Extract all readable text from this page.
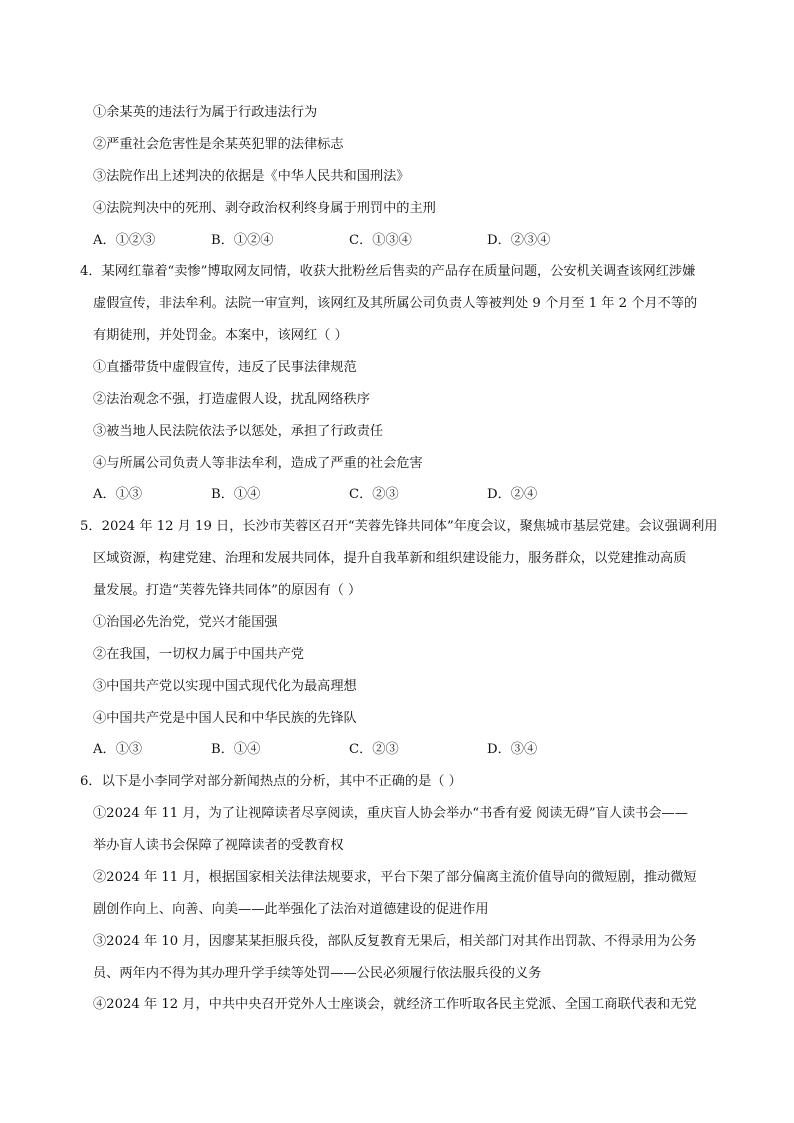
①余某英的违法行为属于行政违法行为
②严重社会危害性是余某英犯罪的法律标志
③法院作出上述判决的依据是《中华人民共和国刑法》
④法院判决中的死刑、剥夺政治权利终身属于刑罚中的主刑
A．①②③	B．①②④	C．①③④	D．②③④
4．某网红靠着“卖惨”博取网友同情，收获大批粉丝后售卖的产品存在质量问题，公安机关调查该网红涉嫌
虚假宣传，非法牟利。法院一审宣判，该网红及其所属公司负责人等被判处 9 个月至 1 年 2 个月不等的
有期徒刑，并处罚金。本案中，该网红（ ）
①直播带货中虚假宣传，违反了民事法律规范
②法治观念不强，打造虚假人设，扰乱网络秩序
③被当地人民法院依法予以惩处，承担了行政责任
④与所属公司负责人等非法牟利，造成了严重的社会危害
A．①③	B．①④	C．②③	D．②④
5．2024 年 12 月 19 日，长沙市芙蓉区召开“芙蓉先锋共同体”年度会议，聚焦城市基层党建。会议强调利用
区域资源，构建党建、治理和发展共同体，提升自我革新和组织建设能力，服务群众，以党建推动高质
量发展。打造“芙蓉先锋共同体”的原因有（ ）
①治国必先治党，党兴才能国强
②在我国，一切权力属于中国共产党
③中国共产党以实现中国式现代化为最高理想
④中国共产党是中国人民和中华民族的先锋队
A．①③	B．①④	C．②③	D．③④
6．以下是小李同学对部分新闻热点的分析，其中不正确的是（ ）
①2024 年 11 月，为了让视障读者尽享阅读，重庆盲人协会举办“书香有爱 阅读无碍”盲人读书会——
举办盲人读书会保障了视障读者的受教育权
②2024 年 11 月，根据国家相关法律法规要求，平台下架了部分偏离主流价值导向的微短剧，推动微短
剧创作向上、向善、向美——此举强化了法治对道德建设的促进作用
③2024 年 10 月，因廖某某拒服兵役，部队反复教育无果后，相关部门对其作出罚款、不得录用为公务
员、两年内不得为其办理升学手续等处罚——公民必须履行依法服兵役的义务
④2024 年 12 月，中共中央召开党外人士座谈会，就经济工作听取各民主党派、全国工商联代表和无党
